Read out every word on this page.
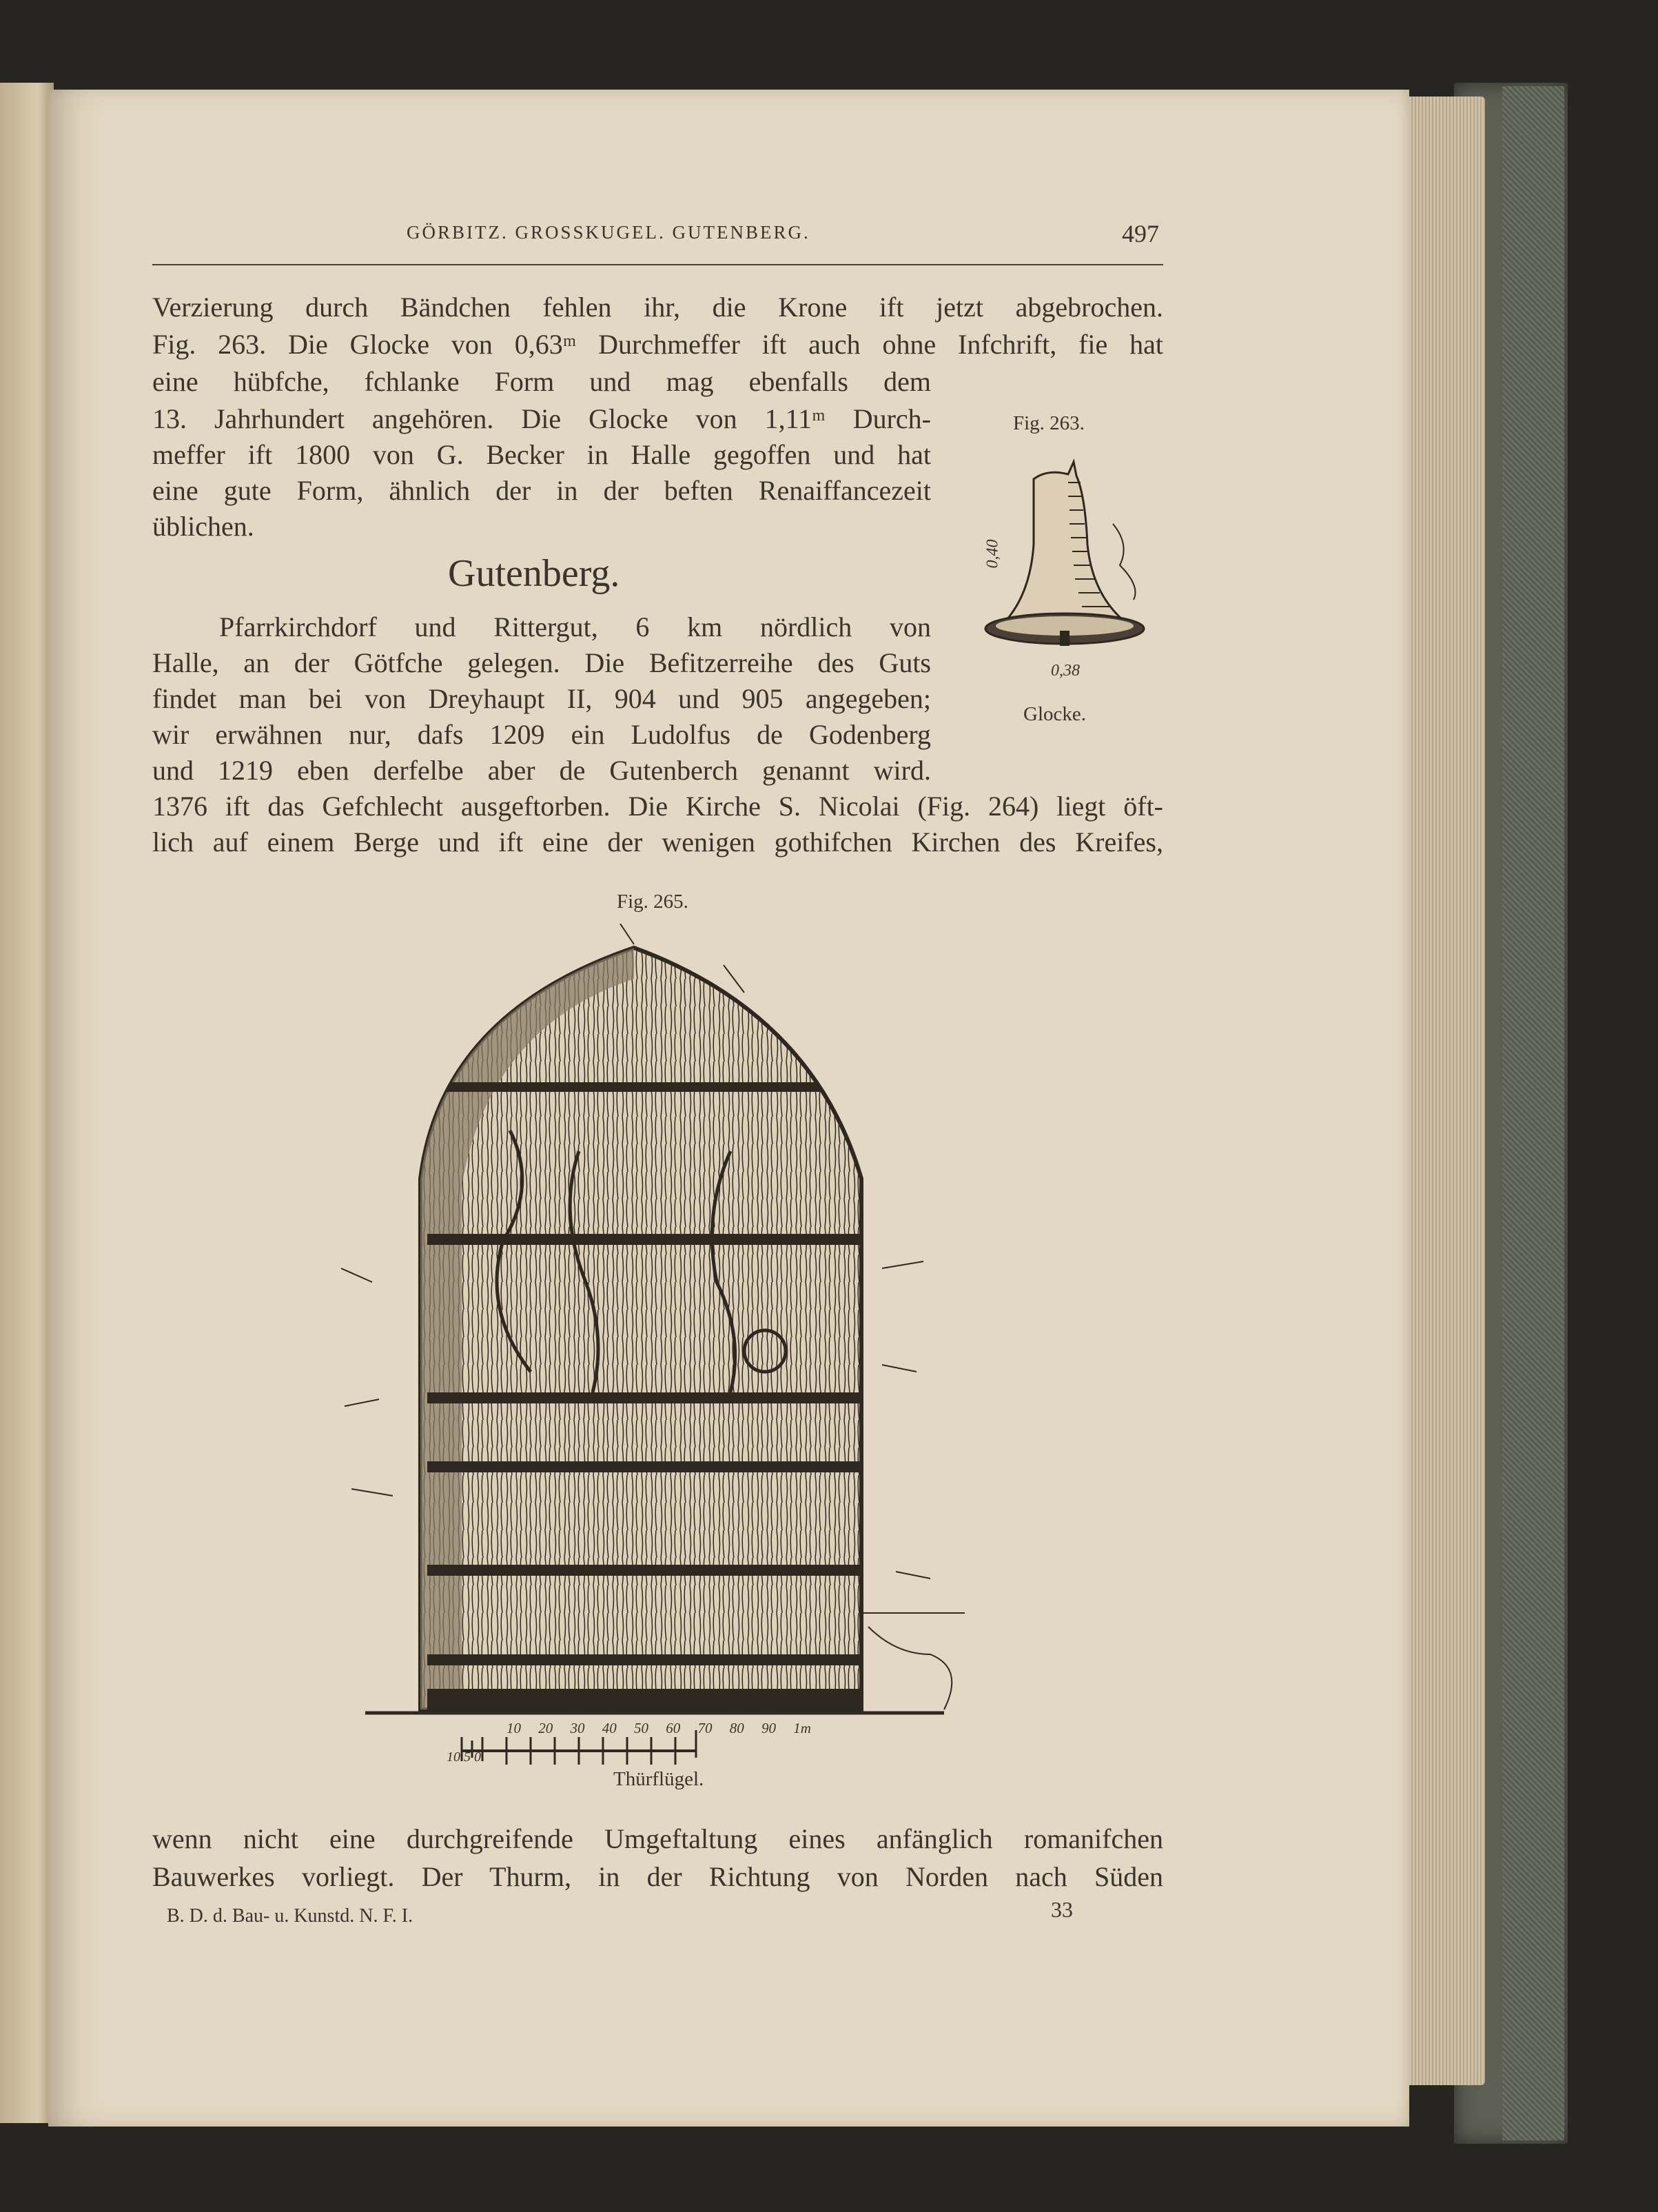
GÖRBITZ. GROSSKUGEL. GUTENBERG.	497
Verzierung durch Bändchen fehlen ihr, die Krone ift jetzt abgebrochen.
Fig. 263. Die Glocke von 0,63ᵐ Durchmeffer ift auch ohne Infchrift, fie hat
eine hübfche, fchlanke Form und mag ebenfalls dem
13. Jahrhundert angehören. Die Glocke von 1,11ᵐ Durch-
meffer ift 1800 von G. Becker in Halle gegoffen und hat
eine gute Form, ähnlich der in der beften Renaiffancezeit
üblichen.
Gutenberg.
Pfarrkirchdorf und Rittergut, 6 km nördlich von
Halle, an der Götfche gelegen. Die Befitzerreihe des Guts
findet man bei von Dreyhaupt II, 904 und 905 angegeben;
wir erwähnen nur, dafs 1209 ein Ludolfus de Godenberg
und 1219 eben derfelbe aber de Gutenberch genannt wird.
1376 ift das Gefchlecht ausgeftorben. Die Kirche S. Nicolai (Fig. 264) liegt öft-
lich auf einem Berge und ift eine der wenigen gothifchen Kirchen des Kreifes,
Fig. 263.
0,40
0,38
Glocke.
Fig. 265.
10 20 30 40 50 60 70 80 90 1m
10 5 0
Thürflügel.
wenn nicht eine durchgreifende Umgeftaltung eines anfänglich romanifchen
Bauwerkes vorliegt. Der Thurm, in der Richtung von Norden nach Süden
B. D. d. Bau- u. Kunstd. N. F. I.	33
